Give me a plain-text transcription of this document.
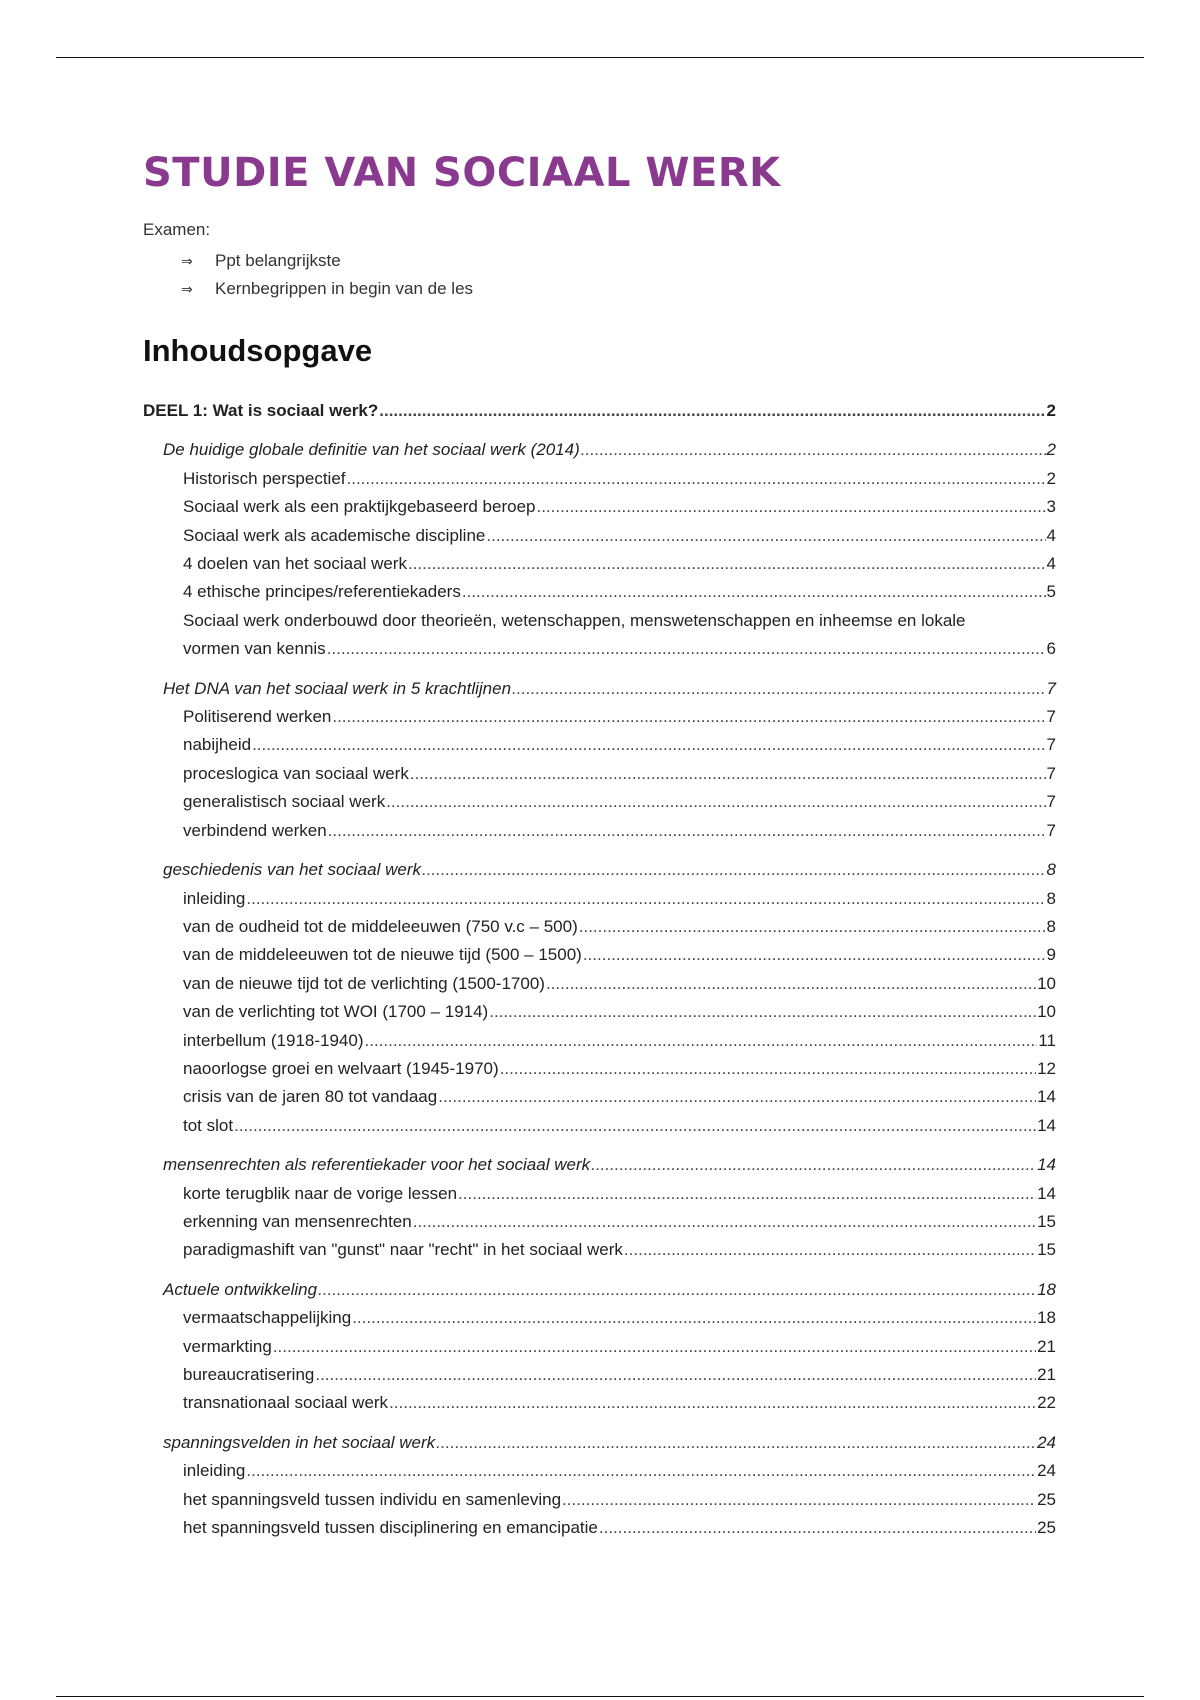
STUDIE VAN SOCIAAL WERK
Examen:
⇒ Ppt belangrijkste
⇒ Kernbegrippen in begin van de les
Inhoudsopgave
DEEL 1: Wat is sociaal werk? .....	2
De huidige globale definitie van het sociaal werk (2014) .....	2
Historisch perspectief .....	2
Sociaal werk als een praktijkgebaseerd beroep .....	3
Sociaal werk als academische discipline .....	4
4 doelen van het sociaal werk .....	4
4 ethische principes/referentiekaders .....	5
Sociaal werk onderbouwd door theorieën, wetenschappen, menswetenschappen en inheemse en lokale
vormen van kennis .....	6
Het DNA van het sociaal werk in 5 krachtlijnen .....	7
Politiserend werken .....	7
nabijheid .....	7
proceslogica van sociaal werk .....	7
generalistisch sociaal werk .....	7
verbindend werken .....	7
geschiedenis van het sociaal werk .....	8
inleiding .....	8
van de oudheid tot de middeleeuwen (750 v.c – 500) .....	8
van de middeleeuwen tot de nieuwe tijd (500 – 1500) .....	9
van de nieuwe tijd tot de verlichting (1500-1700) .....	10
van de verlichting tot WOI (1700 – 1914) .....	10
interbellum (1918-1940) .....	11
naoorlogse groei en welvaart (1945-1970) .....	12
crisis van de jaren 80 tot vandaag .....	14
tot slot .....	14
mensenrechten als referentiekader voor het sociaal werk .....	14
korte terugblik naar de vorige lessen .....	14
erkenning van mensenrechten .....	15
paradigmashift van "gunst" naar "recht" in het sociaal werk .....	15
Actuele ontwikkeling .....	18
vermaatschappelijking .....	18
vermarkting .....	21
bureaucratisering .....	21
transnationaal sociaal werk .....	22
spanningsvelden in het sociaal werk .....	24
inleiding .....	24
het spanningsveld tussen individu en samenleving .....	25
het spanningsveld tussen disciplinering en emancipatie .....	25
